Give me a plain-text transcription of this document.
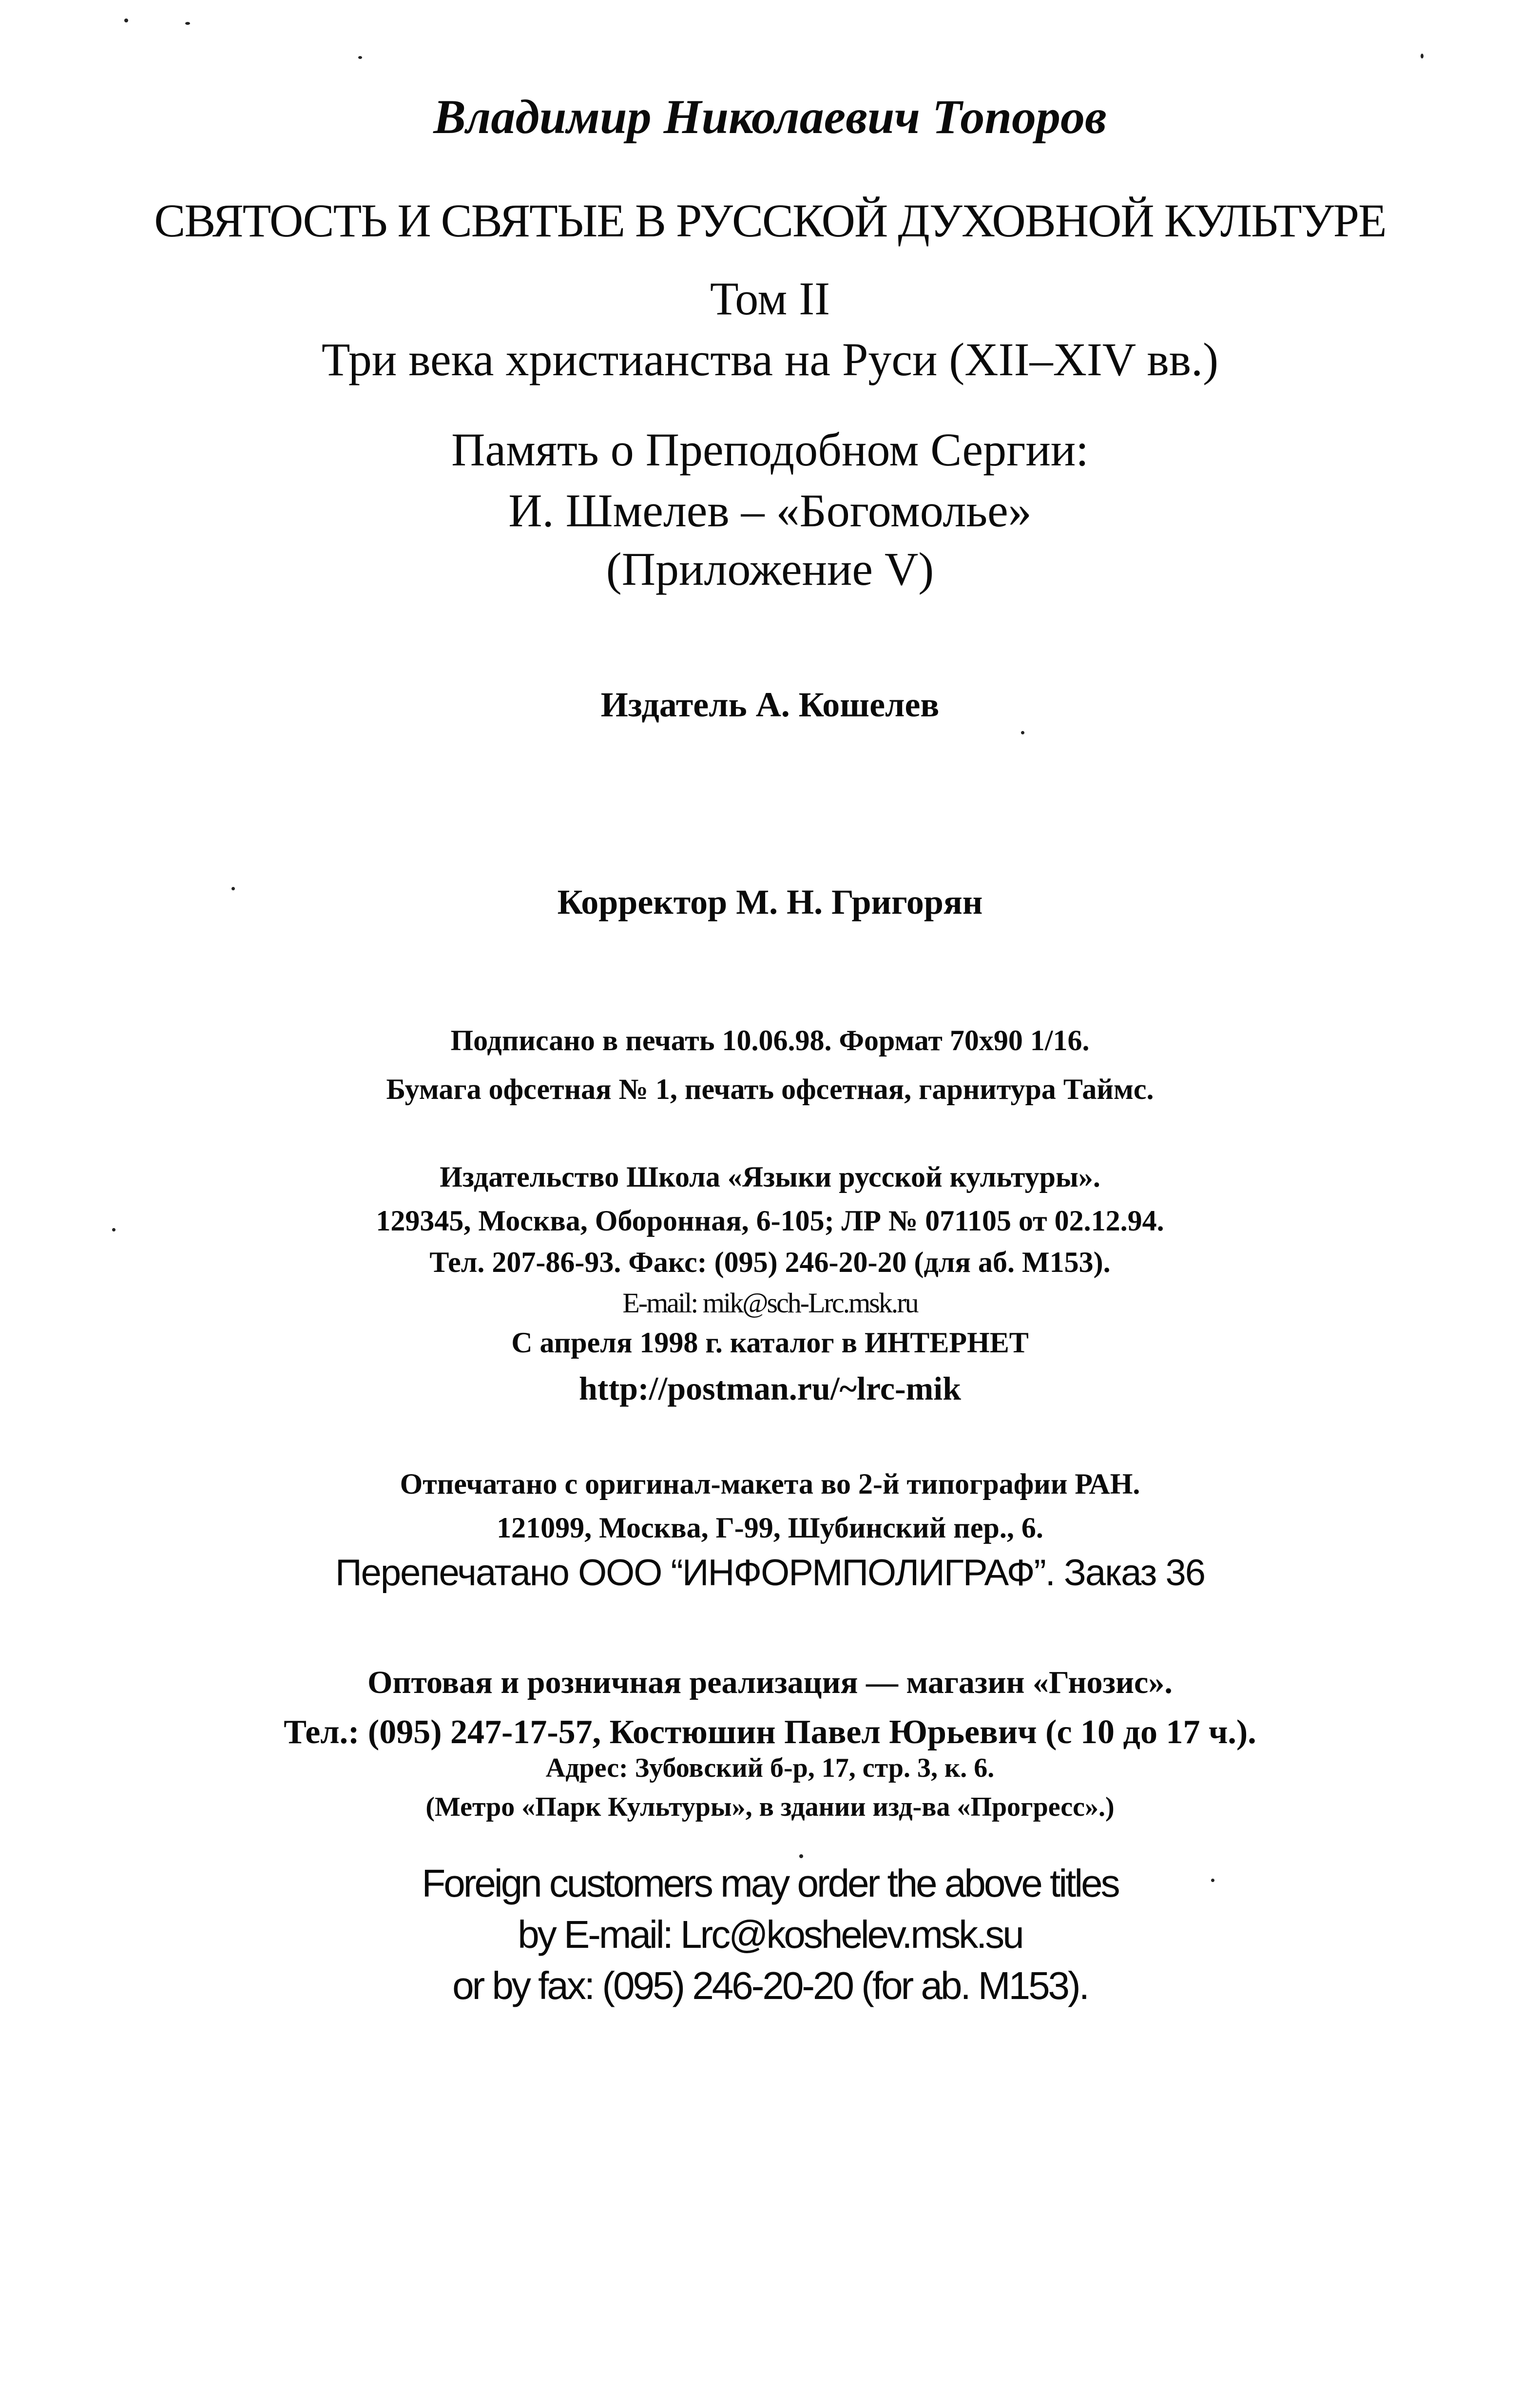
Владимир Николаевич Топоров
СВЯТОСТЬ И СВЯТЫЕ В РУССКОЙ ДУХОВНОЙ КУЛЬТУРЕ
Том II
Три века христианства на Руси (XII–XIV вв.)
Память о Преподобном Сергии:
И. Шмелев – «Богомолье»
(Приложение V)
Издатель А. Кошелев
Корректор М. Н. Григорян
Подписано в печать 10.06.98. Формат 70x90 1/16.
Бумага офсетная № 1, печать офсетная, гарнитура Таймс.
Издательство Школа «Языки русской культуры».
129345, Москва, Оборонная, 6-105; ЛР № 071105 от 02.12.94.
Тел. 207-86-93. Факс: (095) 246-20-20 (для аб. M153).
E-mail: mik@sch-Lrc.msk.ru
С апреля 1998 г. каталог в ИНТЕРНЕТ
http://postman.ru/~lrc-mik
Отпечатано с оригинал-макета во 2-й типографии РАН.
121099, Москва, Г-99, Шубинский пер., 6.
Перепечатано ООО “ИНФОРМПОЛИГРАФ”. Заказ 36
Оптовая и розничная реализация — магазин «Гнозис».
Тел.: (095) 247-17-57, Костюшин Павел Юрьевич (с 10 до 17 ч.).
Адрес: Зубовский б-р, 17, стр. 3, к. 6.
(Метро «Парк Культуры», в здании изд-ва «Прогресс».)
Foreign customers may order the above titles
by E-mail: Lrc@koshelev.msk.su
or by fax: (095) 246-20-20 (for ab. M153).
